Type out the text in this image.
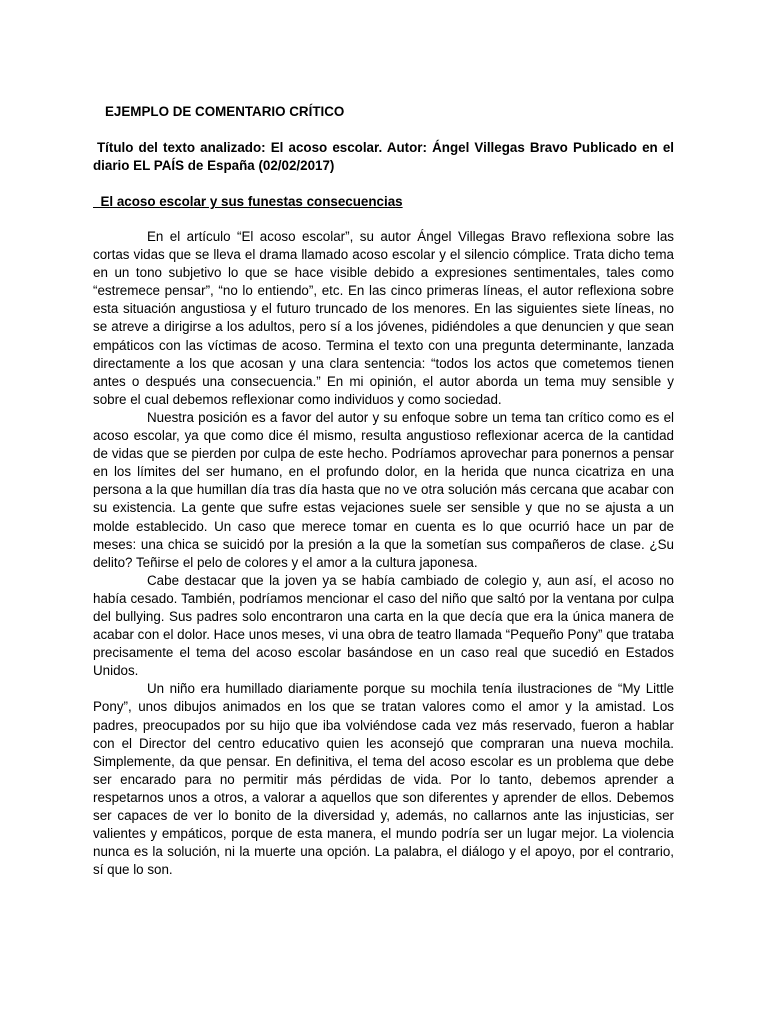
EJEMPLO DE COMENTARIO CRÍTICO

Título del texto analizado: El acoso escolar. Autor: Ángel Villegas Bravo Publicado en el diario EL PAÍS de España (02/02/2017)

El acoso escolar y sus funestas consecuencias

En el artículo “El acoso escolar”, su autor Ángel Villegas Bravo reflexiona sobre las cortas vidas que se lleva el drama llamado acoso escolar y el silencio cómplice. Trata dicho tema en un tono subjetivo lo que se hace visible debido a expresiones sentimentales, tales como “estremece pensar”, “no lo entiendo”, etc. En las cinco primeras líneas, el autor reflexiona sobre esta situación angustiosa y el futuro truncado de los menores. En las siguientes siete líneas, no se atreve a dirigirse a los adultos, pero sí a los jóvenes, pidiéndoles a que denuncien y que sean empáticos con las víctimas de acoso. Termina el texto con una pregunta determinante, lanzada directamente a los que acosan y una clara sentencia: “todos los actos que cometemos tienen antes o después una consecuencia.” En mi opinión, el autor aborda un tema muy sensible y sobre el cual debemos reflexionar como individuos y como sociedad.

Nuestra posición es a favor del autor y su enfoque sobre un tema tan crítico como es el acoso escolar, ya que como dice él mismo, resulta angustioso reflexionar acerca de la cantidad de vidas que se pierden por culpa de este hecho. Podríamos aprovechar para ponernos a pensar en los límites del ser humano, en el profundo dolor, en la herida que nunca cicatriza en una persona a la que humillan día tras día hasta que no ve otra solución más cercana que acabar con su existencia. La gente que sufre estas vejaciones suele ser sensible y que no se ajusta a un molde establecido. Un caso que merece tomar en cuenta es lo que ocurrió hace un par de meses: una chica se suicidó por la presión a la que la sometían sus compañeros de clase. ¿Su delito? Teñirse el pelo de colores y el amor a la cultura japonesa.

Cabe destacar que la joven ya se había cambiado de colegio y, aun así, el acoso no había cesado. También, podríamos mencionar el caso del niño que saltó por la ventana por culpa del bullying. Sus padres solo encontraron una carta en la que decía que era la única manera de acabar con el dolor. Hace unos meses, vi una obra de teatro llamada “Pequeño Pony” que trataba precisamente el tema del acoso escolar basándose en un caso real que sucedió en Estados Unidos.

Un niño era humillado diariamente porque su mochila tenía ilustraciones de “My Little Pony”, unos dibujos animados en los que se tratan valores como el amor y la amistad. Los padres, preocupados por su hijo que iba volviéndose cada vez más reservado, fueron a hablar con el Director del centro educativo quien les aconsejó que compraran una nueva mochila. Simplemente, da que pensar. En definitiva, el tema del acoso escolar es un problema que debe ser encarado para no permitir más pérdidas de vida. Por lo tanto, debemos aprender a respetarnos unos a otros, a valorar a aquellos que son diferentes y aprender de ellos. Debemos ser capaces de ver lo bonito de la diversidad y, además, no callarnos ante las injusticias, ser valientes y empáticos, porque de esta manera, el mundo podría ser un lugar mejor. La violencia nunca es la solución, ni la muerte una opción. La palabra, el diálogo y el apoyo, por el contrario, sí que lo son.
